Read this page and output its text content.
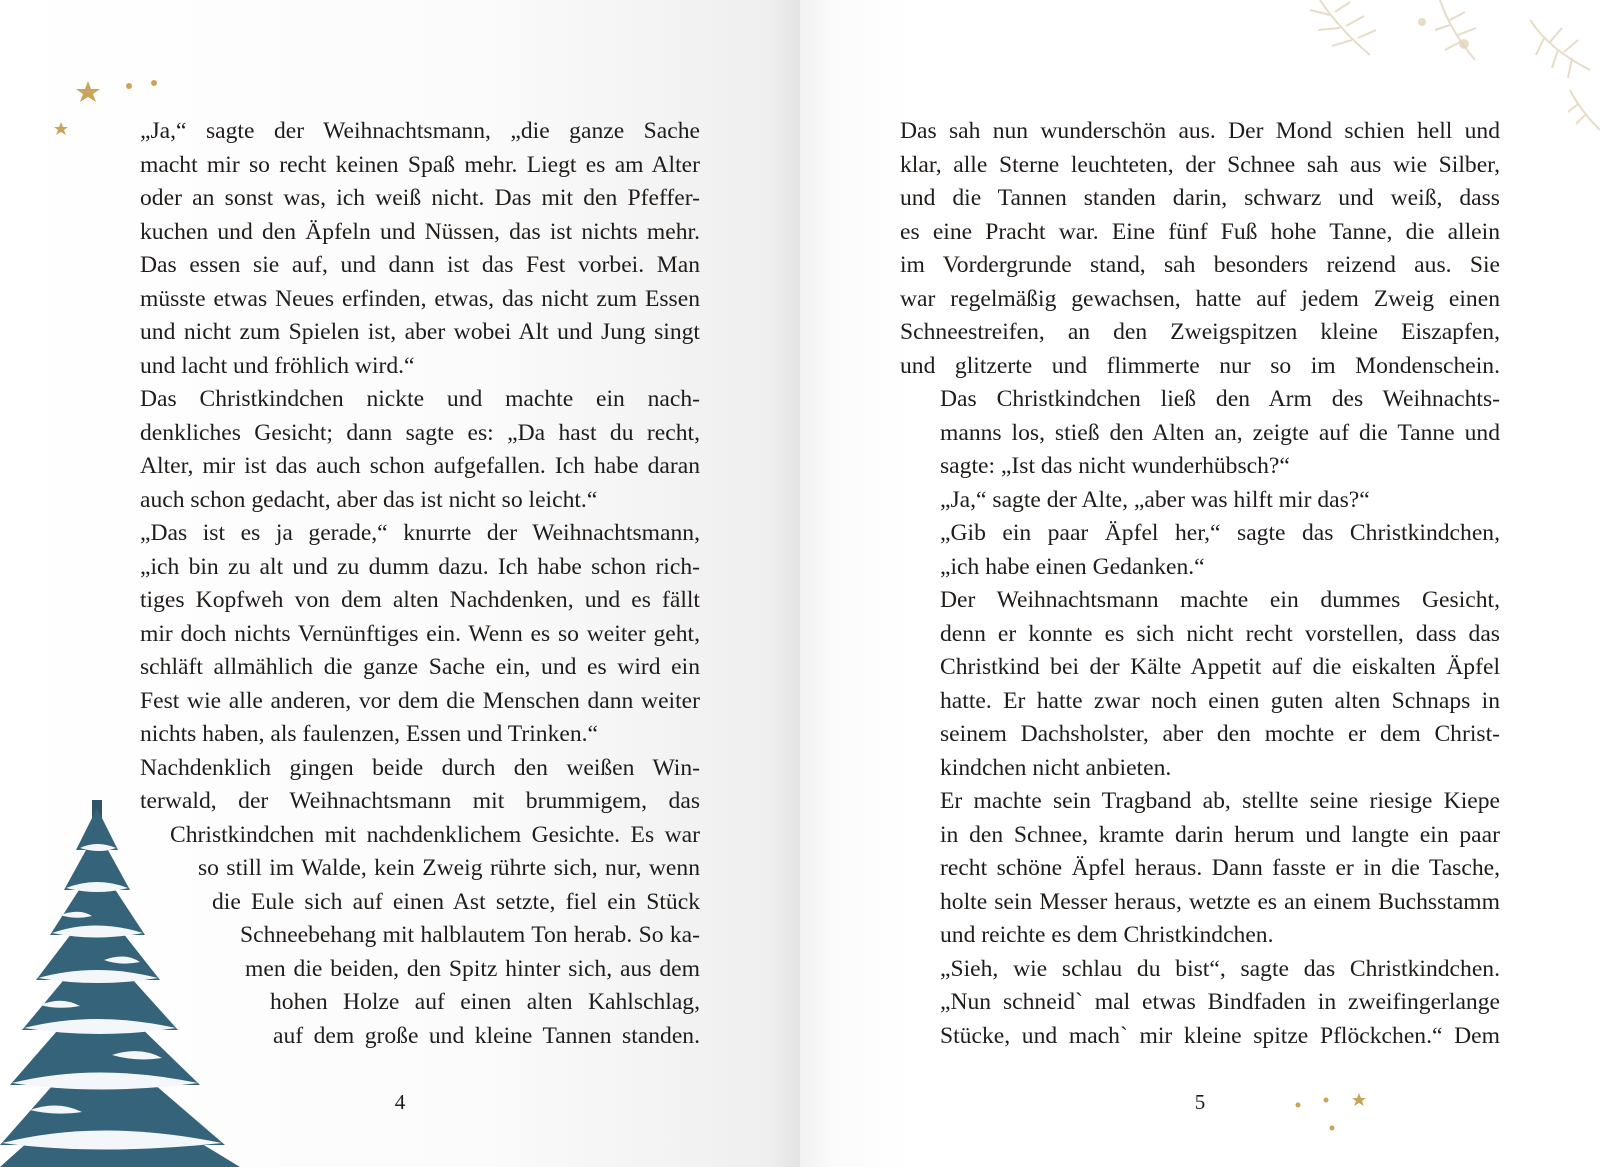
„Ja,“ sagte der Weihnachtsmann, „die ganze Sache
macht mir so recht keinen Spaß mehr. Liegt es am Alter
oder an sonst was, ich weiß nicht. Das mit den Pfeffer-
kuchen und den Äpfeln und Nüssen, das ist nichts mehr.
Das essen sie auf, und dann ist das Fest vorbei. Man
müsste etwas Neues erfinden, etwas, das nicht zum Essen
und nicht zum Spielen ist, aber wobei Alt und Jung singt
und lacht und fröhlich wird.“

Das Christkindchen nickte und machte ein nach-
denkliches Gesicht; dann sagte es: „Da hast du recht,
Alter, mir ist das auch schon aufgefallen. Ich habe daran
auch schon gedacht, aber das ist nicht so leicht.“

„Das ist es ja gerade,“ knurrte der Weihnachtsmann,
„ich bin zu alt und zu dumm dazu. Ich habe schon rich-
tiges Kopfweh von dem alten Nachdenken, und es fällt
mir doch nichts Vernünftiges ein. Wenn es so weiter geht,
schläft allmählich die ganze Sache ein, und es wird ein
Fest wie alle anderen, vor dem die Menschen dann weiter
nichts haben, als faulenzen, Essen und Trinken.“

Nachdenklich gingen beide durch den weißen Win-
terwald, der Weihnachtsmann mit brummigem, das
Christkindchen mit nachdenklichem Gesichte. Es war
so still im Walde, kein Zweig rührte sich, nur, wenn
die Eule sich auf einen Ast setzte, fiel ein Stück
Schneebehang mit halblautem Ton herab. So ka-
men die beiden, den Spitz hinter sich, aus dem
hohen Holze auf einen alten Kahlschlag,
auf dem große und kleine Tannen standen.

4

Das sah nun wunderschön aus. Der Mond schien hell und
klar, alle Sterne leuchteten, der Schnee sah aus wie Silber,
und die Tannen standen darin, schwarz und weiß, dass
es eine Pracht war. Eine fünf Fuß hohe Tanne, die allein
im Vordergrunde stand, sah besonders reizend aus. Sie
war regelmäßig gewachsen, hatte auf jedem Zweig einen
Schneestreifen, an den Zweigspitzen kleine Eiszapfen,
und glitzerte und flimmerte nur so im Mondenschein.

Das Christkindchen ließ den Arm des Weihnachts-
manns los, stieß den Alten an, zeigte auf die Tanne und
sagte: „Ist das nicht wunderhübsch?“

„Ja,“ sagte der Alte, „aber was hilft mir das?“

„Gib ein paar Äpfel her,“ sagte das Christkindchen,
„ich habe einen Gedanken.“

Der Weihnachtsmann machte ein dummes Gesicht,
denn er konnte es sich nicht recht vorstellen, dass das
Christkind bei der Kälte Appetit auf die eiskalten Äpfel
hatte. Er hatte zwar noch einen guten alten Schnaps in
seinem Dachsholster, aber den mochte er dem Christ-
kindchen nicht anbieten.

Er machte sein Tragband ab, stellte seine riesige Kiepe
in den Schnee, kramte darin herum und langte ein paar
recht schöne Äpfel heraus. Dann fasste er in die Tasche,
holte sein Messer heraus, wetzte es an einem Buchsstamm
und reichte es dem Christkindchen.

„Sieh, wie schlau du bist“, sagte das Christkindchen.
„Nun schneid` mal etwas Bindfaden in zweifingerlange
Stücke, und mach` mir kleine spitze Pflöckchen.“ Dem

5
